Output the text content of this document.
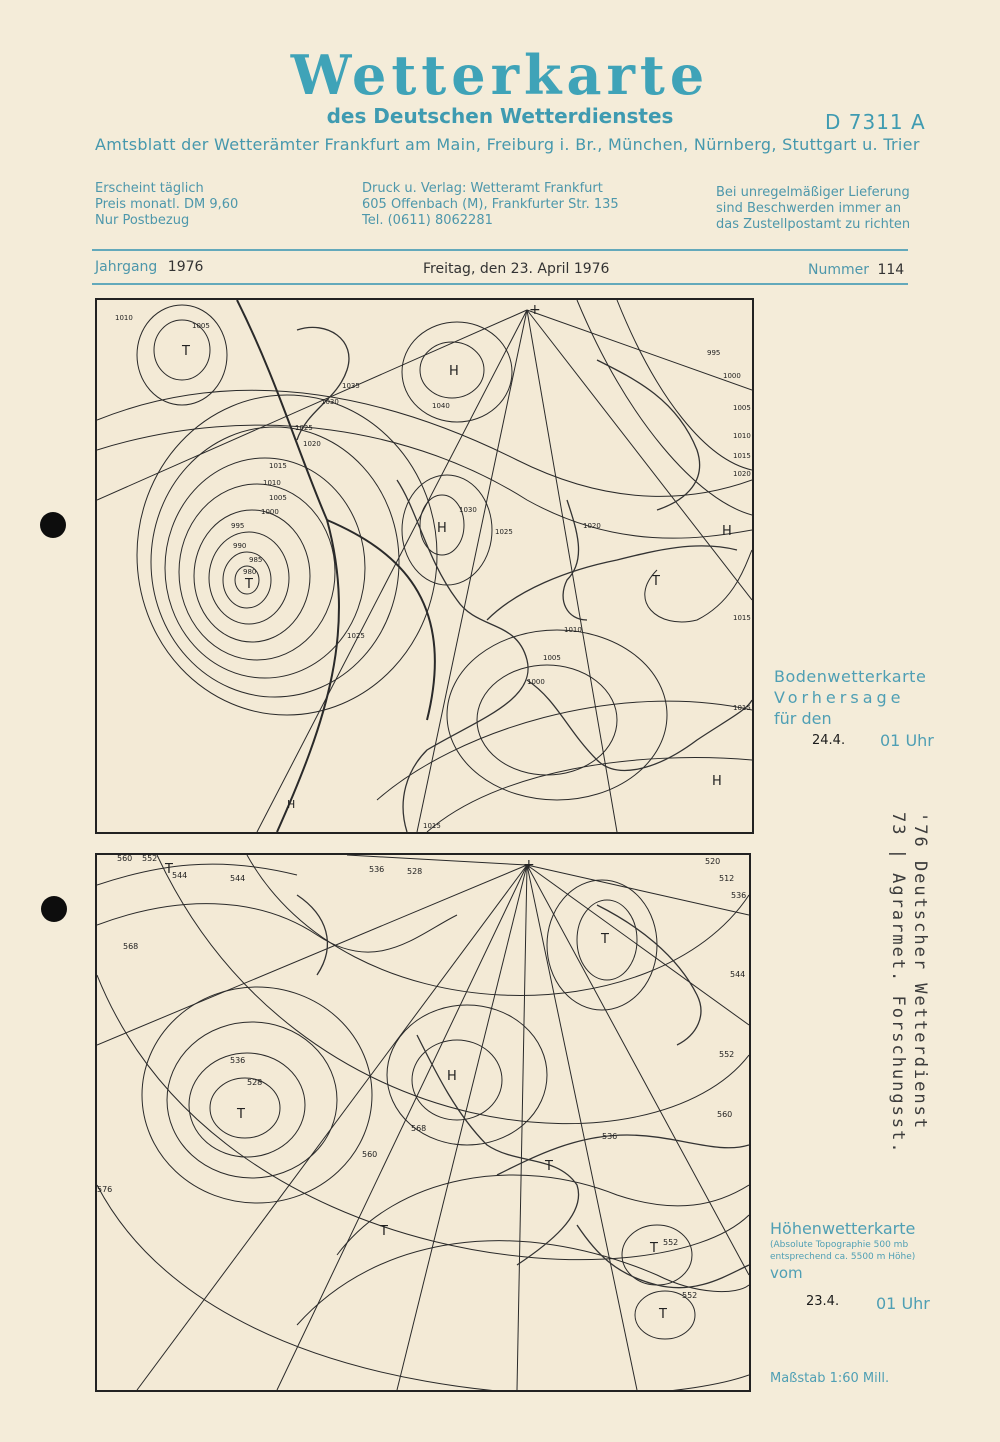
Wetterkarte
des Deutschen Wetterdienstes	D 7311 A
Amtsblatt der Wetterämter Frankfurt am Main, Freiburg i. Br., München, Nürnberg, Stuttgart u. Trier
Erscheint täglich
Preis monatl. DM 9,60
Nur Postbezug
Druck u. Verlag: Wetteramt Frankfurt
605 Offenbach (M), Frankfurter Str. 135
Tel. (0611) 8062281
Bei unregelmäßiger Lieferung
sind Beschwerden immer an
das Zustellpostamt zu richten
Jahrgang 1976	Freitag, den 23. April 1976	Nummer 114
T
H
H
T
H
T
H
H
1010
1005
995
1000
1005
1010
1015
1020
1035
1030
1025
1020
1015
1010
1005
1000
995
990
985
980
1040
1030
1025
1020
1025
1010
1005
1000
1015
1015
1015
+
Bodenwetterkarte
Vorhersage
für den
24.4. 01 Uhr
T
T
T
H
T
T
T
T
560 552
544	544
536	528
520
512
536
544
568
528
536
560
576
568
536
552
560
552
552
+
Höhenwetterkarte
(Absolute Topographie 500 mb
entsprechend ca. 5500 m Höhe)
vom
23.4. 01 Uhr
Maßstab 1:60 Mill.
73 | Agrarmet. Forschungsst. '76 Deutscher Wetterdienst
